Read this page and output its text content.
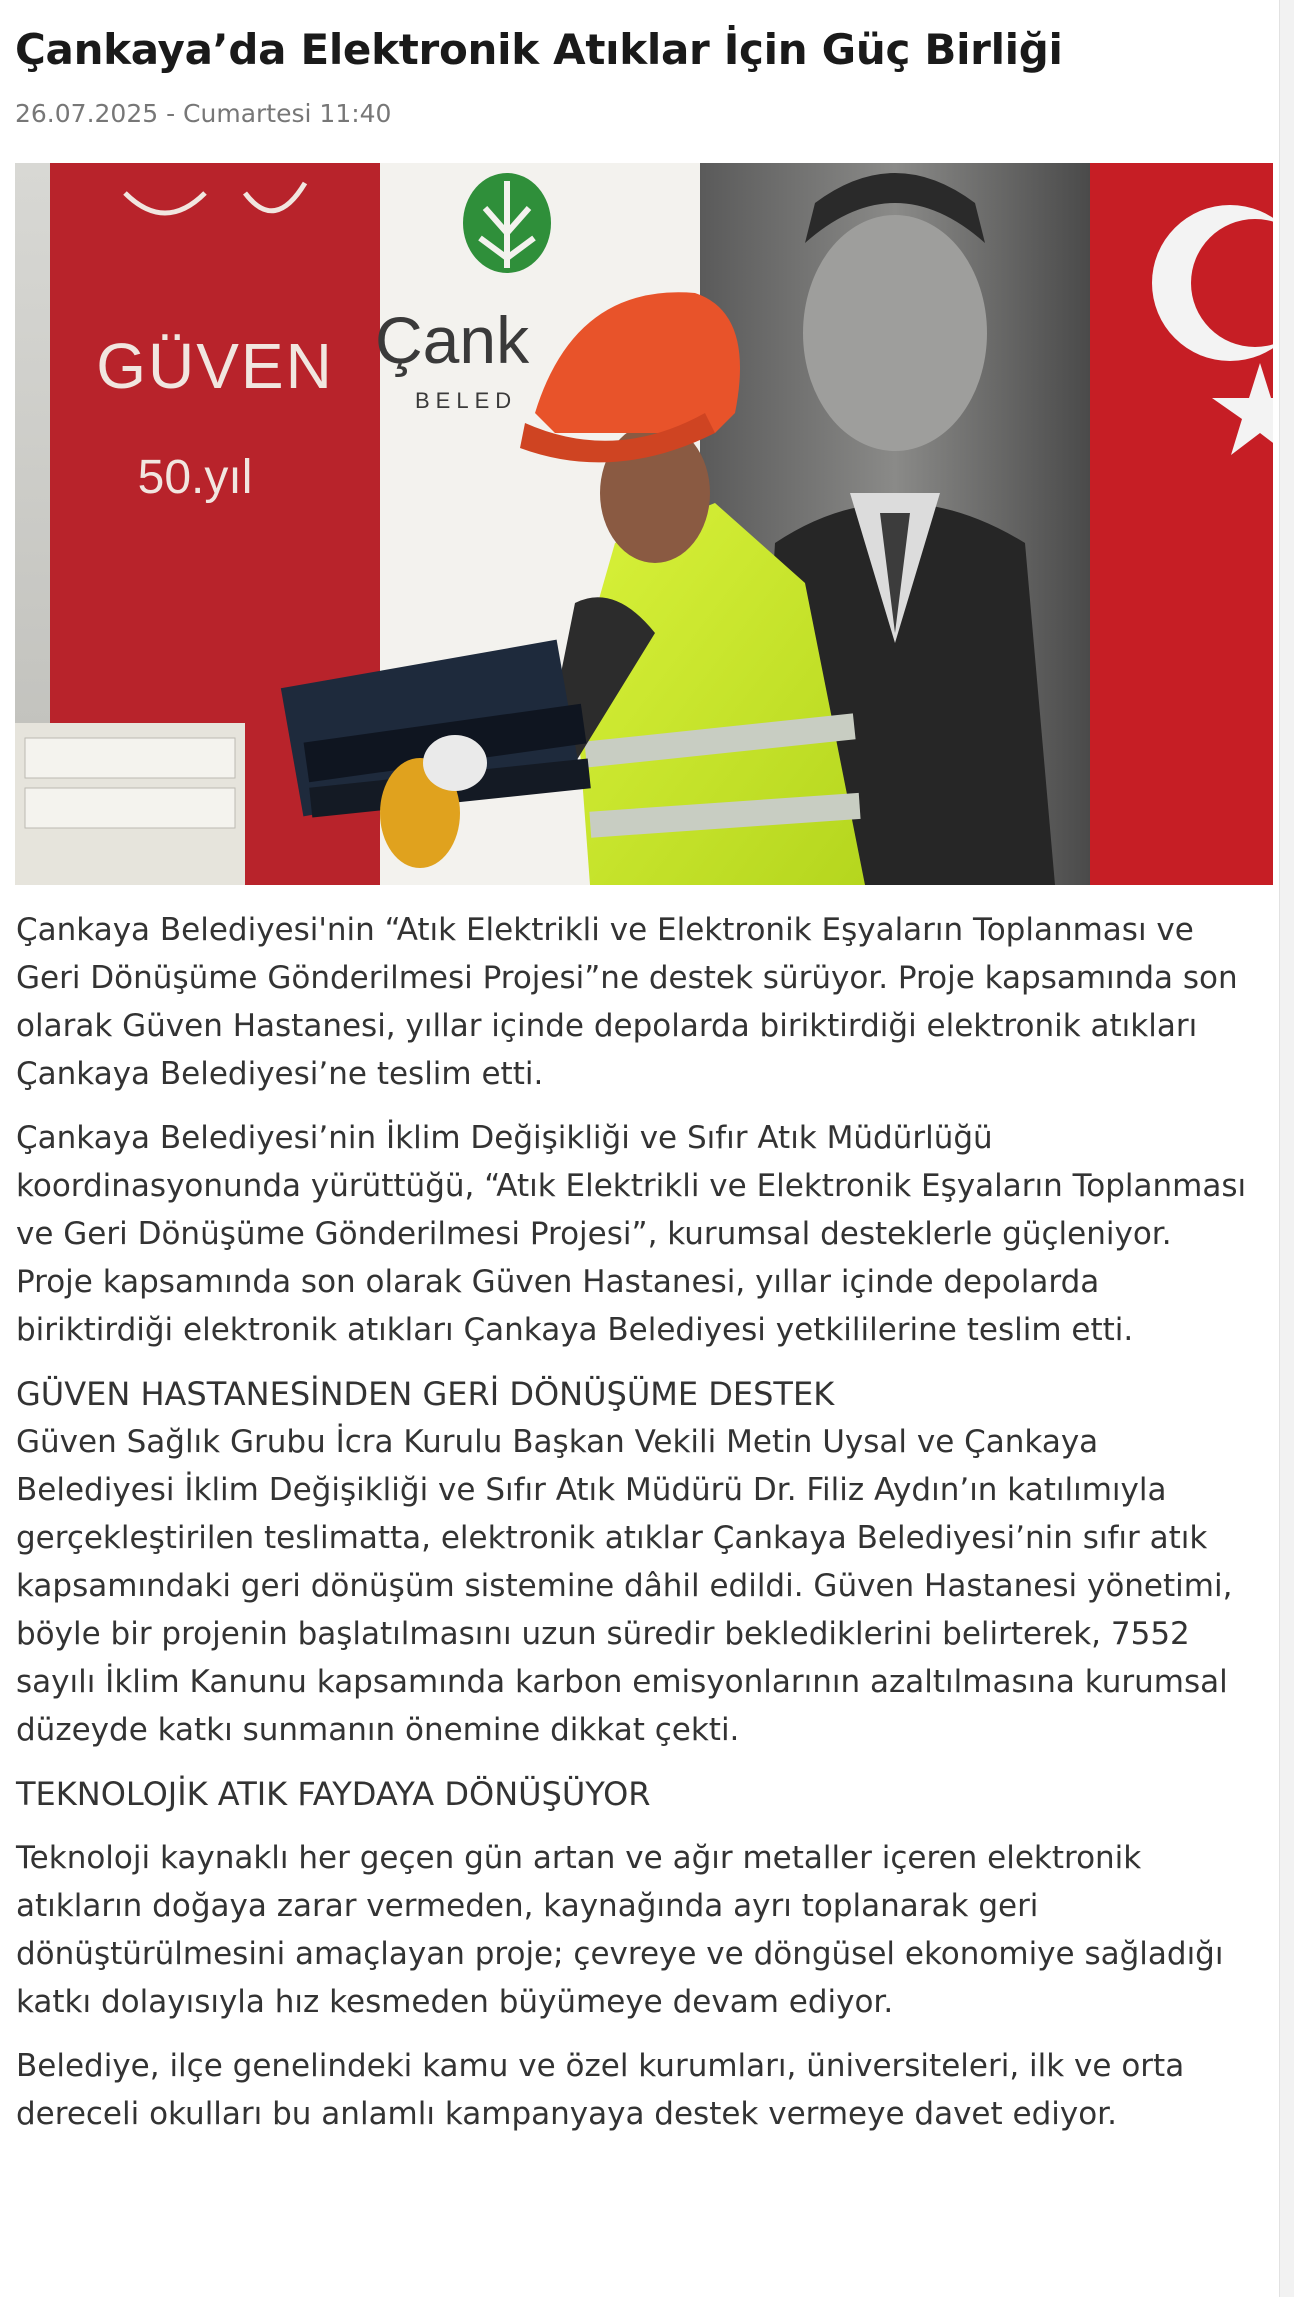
Çankaya’da Elektronik Atıklar İçin Güç Birliği
26.07.2025 - Cumartesi 11:40
GÜVEN
50.yıl
Çank
BELED

Çankaya Belediyesi'nin “Atık Elektrikli ve Elektronik Eşyaların Toplanması ve Geri Dönüşüme Gönderilmesi Projesi”ne destek sürüyor. Proje kapsamında son olarak Güven Hastanesi, yıllar içinde depolarda biriktirdiği elektronik atıkları Çankaya Belediyesi’ne teslim etti.

Çankaya Belediyesi’nin İklim Değişikliği ve Sıfır Atık Müdürlüğü koordinasyonunda yürüttüğü, “Atık Elektrikli ve Elektronik Eşyaların Toplanması ve Geri Dönüşüme Gönderilmesi Projesi”, kurumsal desteklerle güçleniyor. Proje kapsamında son olarak Güven Hastanesi, yıllar içinde depolarda biriktirdiği elektronik atıkları Çankaya Belediyesi yetkililerine teslim etti.

GÜVEN HASTANESİNDEN GERİ DÖNÜŞÜME DESTEK

Güven Sağlık Grubu İcra Kurulu Başkan Vekili Metin Uysal ve Çankaya Belediyesi İklim Değişikliği ve Sıfır Atık Müdürü Dr. Filiz Aydın’ın katılımıyla gerçekleştirilen teslimatta, elektronik atıklar Çankaya Belediyesi’nin sıfır atık kapsamındaki geri dönüşüm sistemine dâhil edildi. Güven Hastanesi yönetimi, böyle bir projenin başlatılmasını uzun süredir beklediklerini belirterek, 7552 sayılı İklim Kanunu kapsamında karbon emisyonlarının azaltılmasına kurumsal düzeyde katkı sunmanın önemine dikkat çekti.

TEKNOLOJİK ATIK FAYDAYA DÖNÜŞÜYOR

Teknoloji kaynaklı her geçen gün artan ve ağır metaller içeren elektronik atıkların doğaya zarar vermeden, kaynağında ayrı toplanarak geri dönüştürülmesini amaçlayan proje; çevreye ve döngüsel ekonomiye sağladığı katkı dolayısıyla hız kesmeden büyümeye devam ediyor.

Belediye, ilçe genelindeki kamu ve özel kurumları, üniversiteleri, ilk ve orta dereceli okulları bu anlamlı kampanyaya destek vermeye davet ediyor.
